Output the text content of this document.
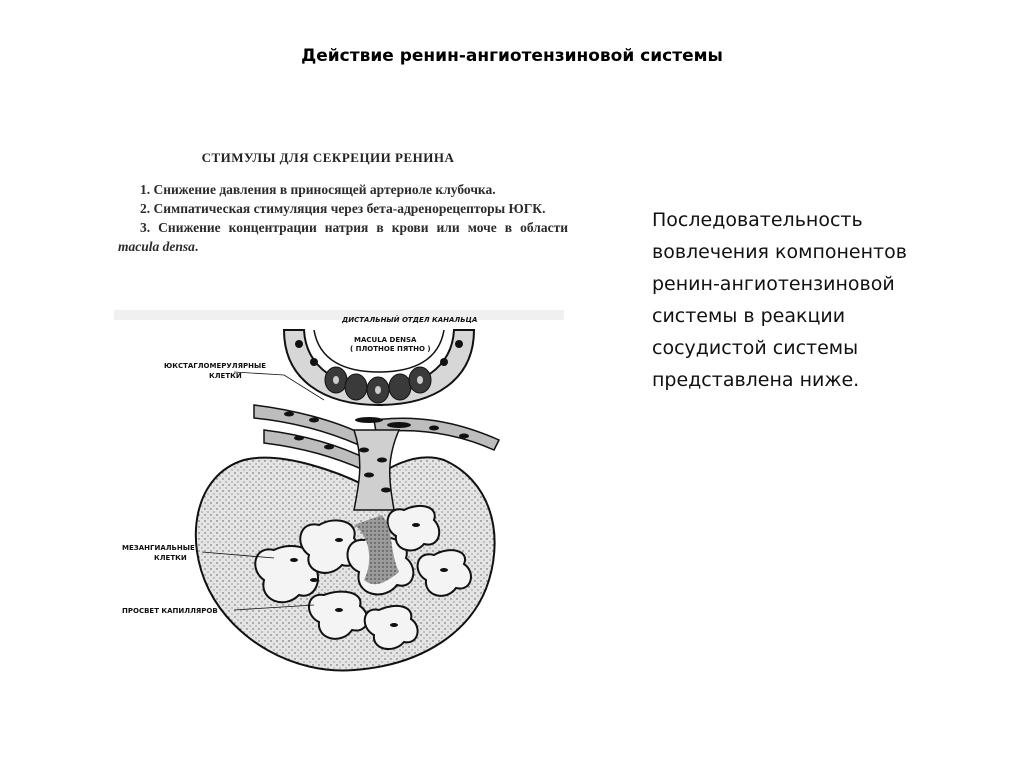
Действие ренин-ангиотензиновой системы
СТИМУЛЫ ДЛЯ СЕКРЕЦИИ РЕНИНА
1. Снижение давления в приносящей артериоле клубочка.
2. Симпатическая стимуляция через бета-адренорецепторы ЮГК.
3. Снижение концентрации натрия в крови или моче в области macula densa.
ДИСТАЛЬНЫЙ ОТДЕЛ КАНАЛЬЦА
MACULA DENSA
( ПЛОТНОЕ ПЯТНО )
ЮКСТАГЛОМЕРУЛЯРНЫЕ
КЛЕТКИ
МЕЗАНГИАЛЬНЫЕ
КЛЕТКИ
ПРОСВЕТ КАПИЛЛЯРОВ
Последовательность вовлечения компонентов ренин-ангиотензиновой системы в реакции сосудистой системы представлена ниже.
